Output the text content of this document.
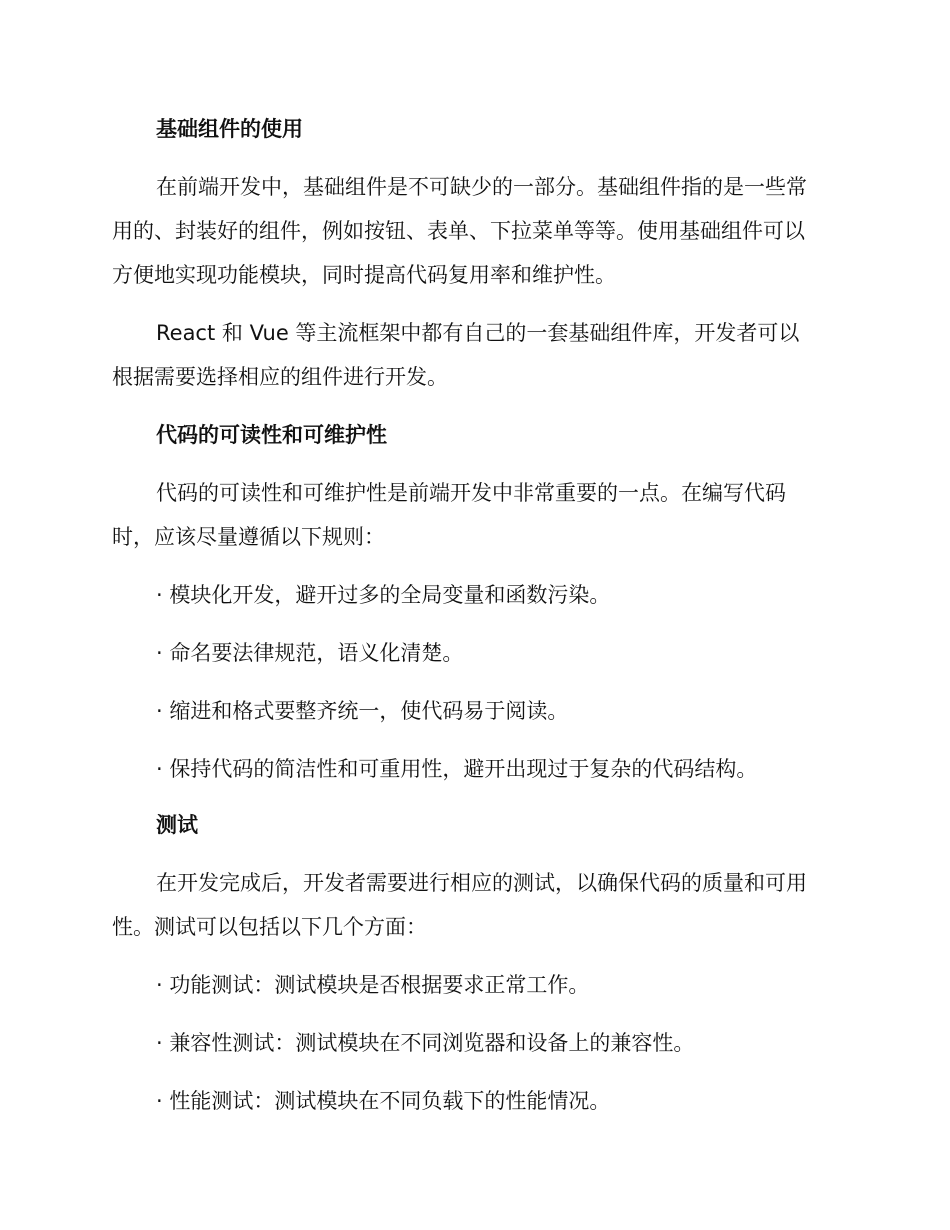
基础组件的使用
在前端开发中，基础组件是不可缺少的一部分。基础组件指的是一些常
用的、封装好的组件，例如按钮、表单、下拉菜单等等。使用基础组件可以
方便地实现功能模块，同时提高代码复用率和维护性。
React 和 Vue 等主流框架中都有自己的一套基础组件库，开发者可以
根据需要选择相应的组件进行开发。
代码的可读性和可维护性
代码的可读性和可维护性是前端开发中非常重要的一点。在编写代码
时，应该尽量遵循以下规则：
· 模块化开发，避开过多的全局变量和函数污染。
· 命名要法律规范，语义化清楚。
· 缩进和格式要整齐统一，使代码易于阅读。
· 保持代码的简洁性和可重用性，避开出现过于复杂的代码结构。
测试
在开发完成后，开发者需要进行相应的测试，以确保代码的质量和可用
性。测试可以包括以下几个方面：
· 功能测试：测试模块是否根据要求正常工作。
· 兼容性测试：测试模块在不同浏览器和设备上的兼容性。
· 性能测试：测试模块在不同负载下的性能情况。
